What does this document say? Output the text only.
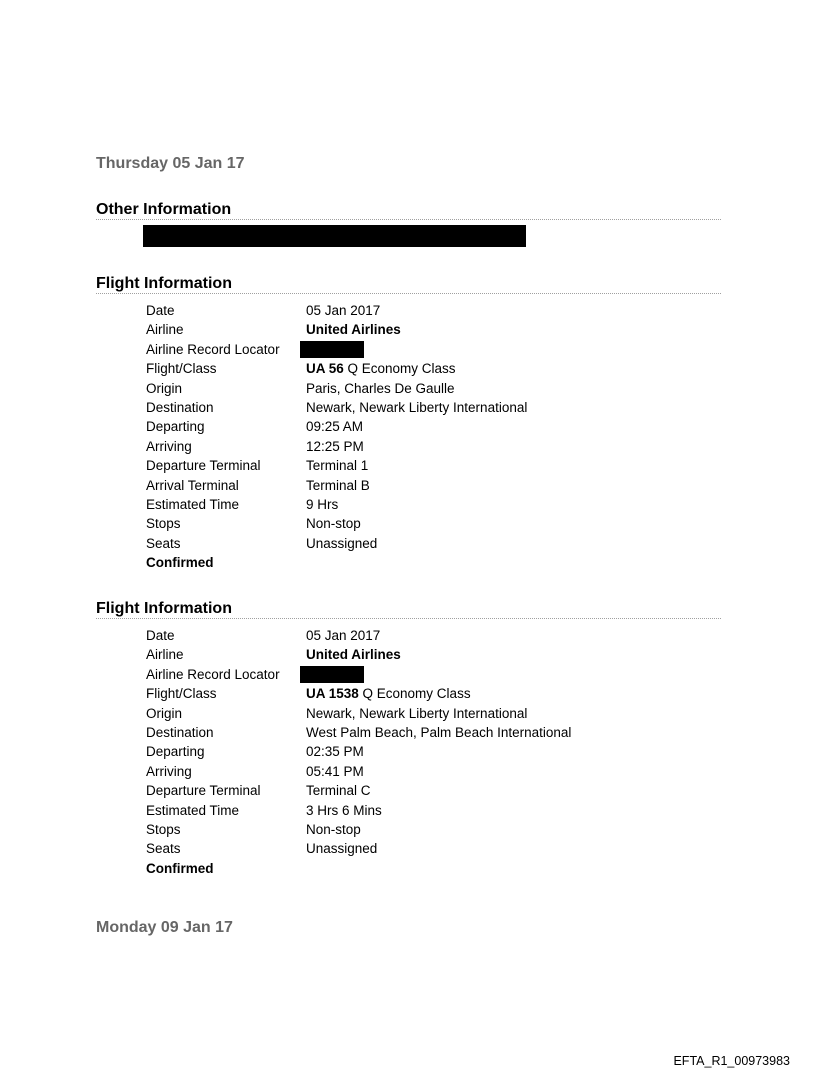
Thursday 05 Jan 17
Other Information
Flight Information
Date	05 Jan 2017
Airline	United Airlines
Airline Record Locator
Flight/Class	UA 56 Q Economy Class
Origin	Paris, Charles De Gaulle
Destination	Newark, Newark Liberty International
Departing	09:25 AM
Arriving	12:25 PM
Departure Terminal	Terminal 1
Arrival Terminal	Terminal B
Estimated Time	9 Hrs
Stops	Non-stop
Seats	Unassigned
Confirmed
Flight Information
Date	05 Jan 2017
Airline	United Airlines
Airline Record Locator
Flight/Class	UA 1538 Q Economy Class
Origin	Newark, Newark Liberty International
Destination	West Palm Beach, Palm Beach International
Departing	02:35 PM
Arriving	05:41 PM
Departure Terminal	Terminal C
Estimated Time	3 Hrs 6 Mins
Stops	Non-stop
Seats	Unassigned
Confirmed
Monday 09 Jan 17
EFTA_R1_00973983
